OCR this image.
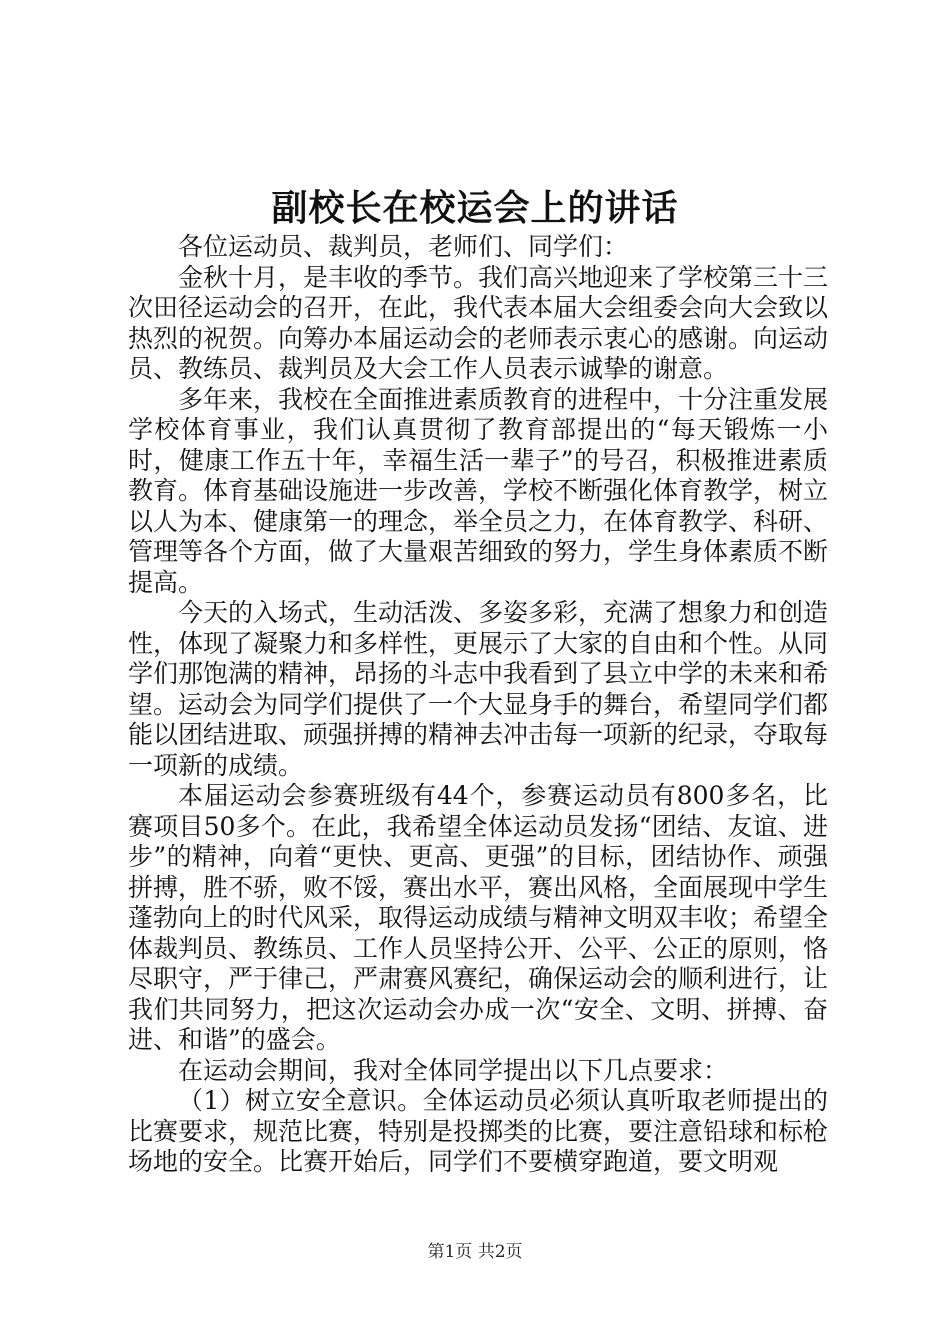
副校长在校运会上的讲话

各位运动员、裁判员，老师们、同学们：

金秋十月，是丰收的季节。我们高兴地迎来了学校第三十三次田径运动会的召开，在此，我代表本届大会组委会向大会致以热烈的祝贺。向筹办本届运动会的老师表示衷心的感谢。向运动员、教练员、裁判员及大会工作人员表示诚挚的谢意。

多年来，我校在全面推进素质教育的进程中，十分注重发展学校体育事业，我们认真贯彻了教育部提出的“每天锻炼一小时，健康工作五十年，幸福生活一辈子”的号召，积极推进素质教育。体育基础设施进一步改善，学校不断强化体育教学，树立以人为本、健康第一的理念，举全员之力，在体育教学、科研、管理等各个方面，做了大量艰苦细致的努力，学生身体素质不断提高。

今天的入场式，生动活泼、多姿多彩，充满了想象力和创造性，体现了凝聚力和多样性，更展示了大家的自由和个性。从同学们那饱满的精神，昂扬的斗志中我看到了县立中学的未来和希望。运动会为同学们提供了一个大显身手的舞台，希望同学们都能以团结进取、顽强拼搏的精神去冲击每一项新的纪录，夺取每一项新的成绩。

本届运动会参赛班级有44个，参赛运动员有800多名，比赛项目50多个。在此，我希望全体运动员发扬“团结、友谊、进步”的精神，向着“更快、更高、更强”的目标，团结协作、顽强拼搏，胜不骄，败不馁，赛出水平，赛出风格，全面展现中学生蓬勃向上的时代风采，取得运动成绩与精神文明双丰收；希望全体裁判员、教练员、工作人员坚持公开、公平、公正的原则，恪尽职守，严于律己，严肃赛风赛纪，确保运动会的顺利进行，让我们共同努力，把这次运动会办成一次“安全、文明、拼搏、奋进、和谐”的盛会。

在运动会期间，我对全体同学提出以下几点要求：

（1）树立安全意识。全体运动员必须认真听取老师提出的比赛要求，规范比赛，特别是投掷类的比赛，要注意铅球和标枪场地的安全。比赛开始后，同学们不要横穿跑道，要文明观

第1页 共2页
